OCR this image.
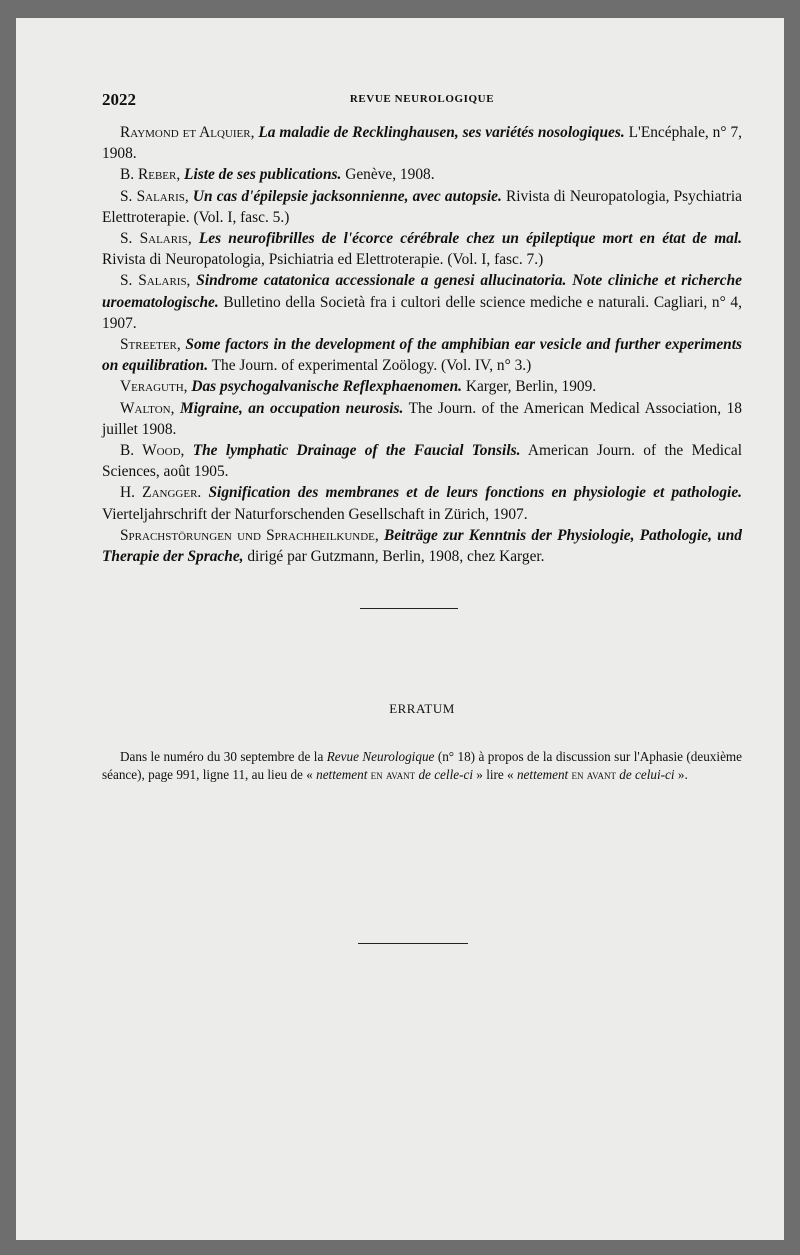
2022	REVUE NEUROLOGIQUE

Raymond et Alquier, La maladie de Recklinghausen, ses variétés nosologiques. L'Encéphale, n° 7, 1908.

B. Reber, Liste de ses publications. Genève, 1908.

S. Salaris, Un cas d'épilepsie jacksonnienne, avec autopsie. Rivista di Neuropatologia, Psychiatria Elettroterapie. (Vol. I, fasc. 5.)

S. Salaris, Les neurofibrilles de l'écorce cérébrale chez un épileptique mort en état de mal. Rivista di Neuropatologia, Psichiatria ed Elettroterapie. (Vol. I, fasc. 7.)

S. Salaris, Sindrome catatonica accessionale a genesi allucinatoria. Note cliniche et richerche uroematologische. Bulletino della Società fra i cultori delle science mediche e naturali. Cagliari, n° 4, 1907.

Streeter, Some factors in the development of the amphibian ear vesicle and further experiments on equilibration. The Journ. of experimental Zoölogy. (Vol. IV, n° 3.)

Veraguth, Das psychogalvanische Reflexphaenomen. Karger, Berlin, 1909.

Walton, Migraine, an occupation neurosis. The Journ. of the American Medical Association, 18 juillet 1908.

B. Wood, The lymphatic Drainage of the Faucial Tonsils. American Journ. of the Medical Sciences, août 1905.

H. Zangger. Signification des membranes et de leurs fonctions en physiologie et pathologie. Vierteljahrschrift der Naturforschenden Gesellschaft in Zürich, 1907.

Sprachstörungen und Sprachheilkunde, Beiträge zur Kenntnis der Physiologie, Pathologie, und Therapie der Sprache, dirigé par Gutzmann, Berlin, 1908, chez Karger.

ERRATUM

Dans le numéro du 30 septembre de la Revue Neurologique (n° 18) à propos de la discussion sur l'Aphasie (deuxième séance), page 991, ligne 11, au lieu de « nettement en avant de celle-ci » lire « nettement en avant de celui-ci ».
